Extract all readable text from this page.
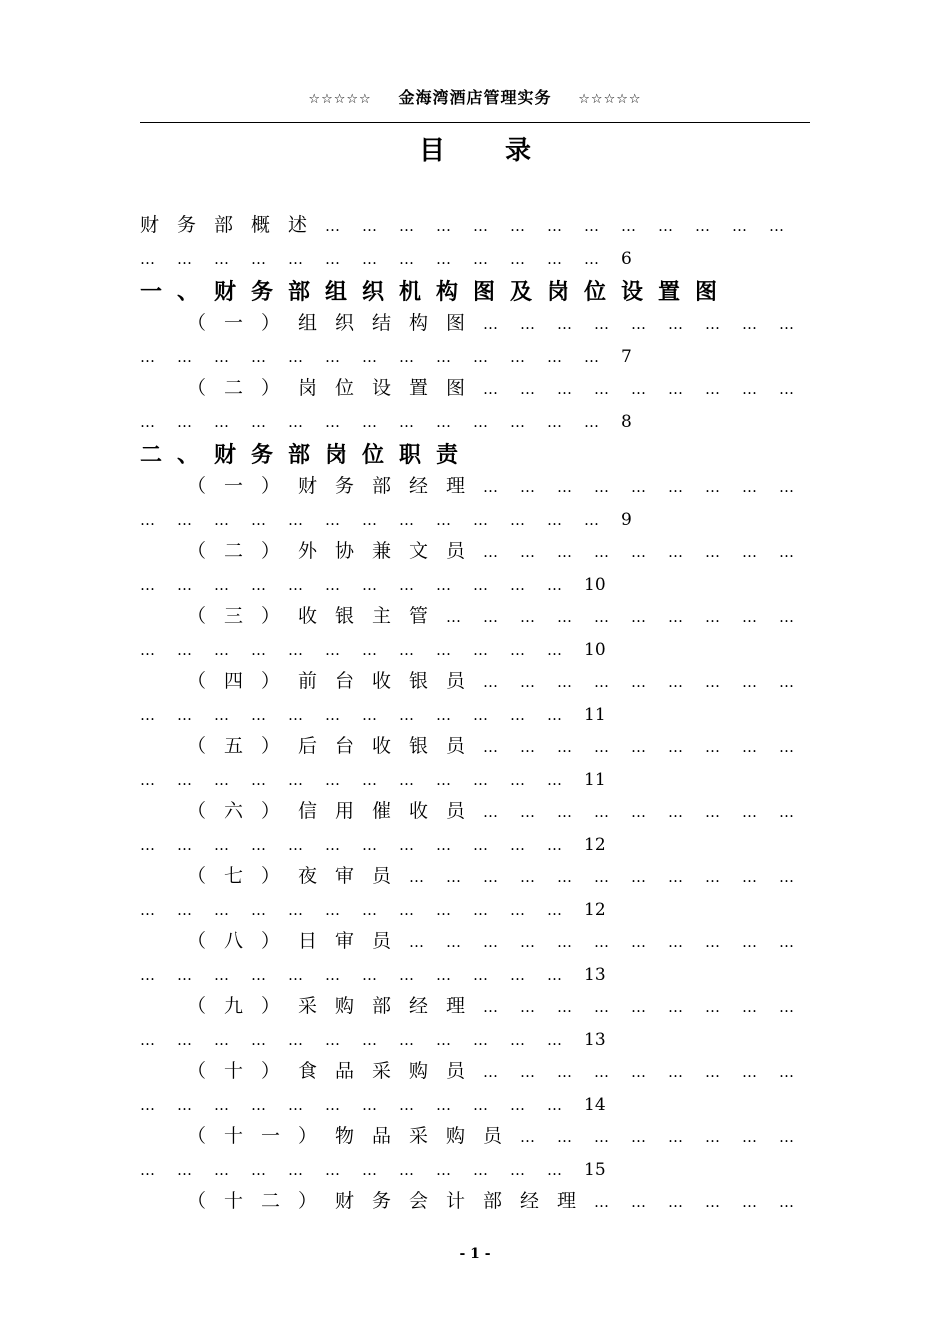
☆☆☆☆☆ 金海湾酒店管理实务 ☆☆☆☆☆
目录
财 务 部 概 述 … … … … … … … … … … … … …
… … … … … … … … … … … … … 6
一 、 财 务 部 组 织 机 构 图 及 岗 位 设 置 图
（ 一 ） 组 织 结 构 图 … … … … … … … … …
… … … … … … … … … … … … … 7
（ 二 ） 岗 位 设 置 图 … … … … … … … … …
… … … … … … … … … … … … … 8
二 、 财 务 部 岗 位 职 责
（ 一 ） 财 务 部 经 理 … … … … … … … … …
… … … … … … … … … … … … … 9
（ 二 ） 外 协 兼 文 员 … … … … … … … … …
… … … … … … … … … … … … 10
（ 三 ） 收 银 主 管 … … … … … … … … … …
… … … … … … … … … … … … 10
（ 四 ） 前 台 收 银 员 … … … … … … … … …
… … … … … … … … … … … … 11
（ 五 ） 后 台 收 银 员 … … … … … … … … …
… … … … … … … … … … … … 11
（ 六 ） 信 用 催 收 员 … … … … … … … … …
… … … … … … … … … … … … 12
（ 七 ） 夜 审 员 … … … … … … … … … … …
… … … … … … … … … … … … 12
（ 八 ） 日 审 员 … … … … … … … … … … …
… … … … … … … … … … … … 13
（ 九 ） 采 购 部 经 理 … … … … … … … … …
… … … … … … … … … … … … 13
（ 十 ） 食 品 采 购 员 … … … … … … … … …
… … … … … … … … … … … … 14
（ 十 一 ） 物 品 采 购 员 … … … … … … … …
… … … … … … … … … … … … 15
（ 十 二 ） 财 务 会 计 部 经 理 … … … … … …
- 1 -
